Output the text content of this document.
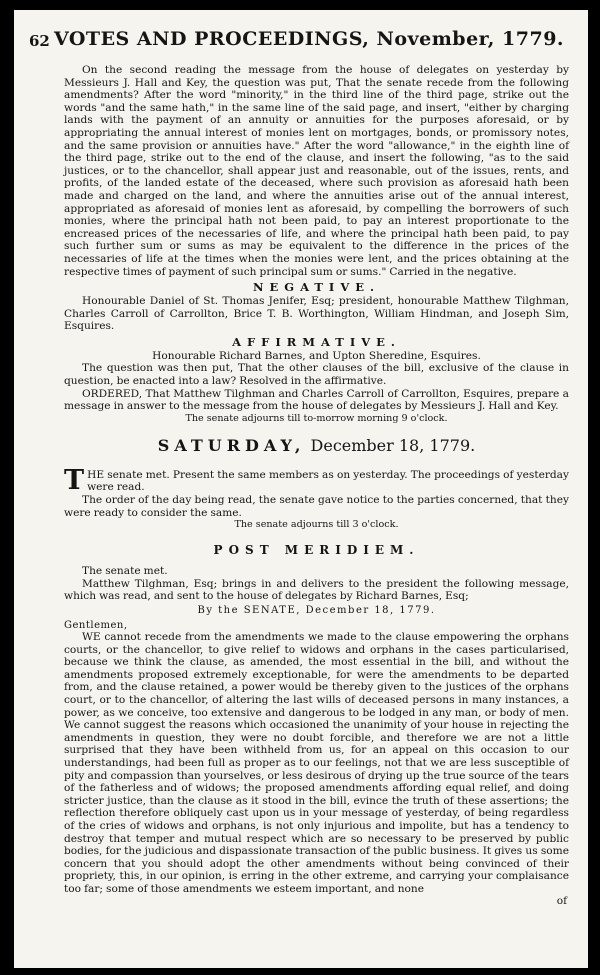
62 VOTES AND PROCEEDINGS, November, 1779.

On the second reading the message from the house of delegates on yesterday by Messieurs J. Hall and Key, the question was put, That the senate recede from the following amendments? After the word "minority," in the third line of the third page, strike out the words "and the same hath," in the same line of the said page, and insert, "either by charging lands with the payment of an annuity or annuities for the purposes aforesaid, or by appropriating the annual interest of monies lent on mortgages, bonds, or promissory notes, and the same provision or annuities have." After the word "allowance," in the eighth line of the third page, strike out to the end of the clause, and insert the following, "as to the said justices, or to the chancellor, shall appear just and reasonable, out of the issues, rents, and profits, of the landed estate of the deceased, where such provision as aforesaid hath been made and charged on the land, and where the annuities arise out of the annual interest, appropriated as aforesaid of monies lent as aforesaid, by compelling the borrowers of such monies, where the principal hath not been paid, to pay an interest proportionate to the encreased prices of the necessaries of life, and where the principal hath been paid, to pay such further sum or sums as may be equivalent to the difference in the prices of the necessaries of life at the times when the monies were lent, and the prices obtaining at the respective times of payment of such principal sum or sums." Carried in the negative.

NEGATIVE.

Honourable Daniel of St. Thomas Jenifer, Esq; president, honourable Matthew Tilghman, Charles Carroll of Carrollton, Brice T. B. Worthington, William Hindman, and Joseph Sim, Esquires.

AFFIRMATIVE.

Honourable Richard Barnes, and Upton Sheredine, Esquires.

The question was then put, That the other clauses of the bill, exclusive of the clause in question, be enacted into a law? Resolved in the affirmative.

ORDERED, That Matthew Tilghman and Charles Carroll of Carrollton, Esquires, prepare a message in answer to the message from the house of delegates by Messieurs J. Hall and Key.

The senate adjourns till to-morrow morning 9 o'clock.

SATURDAY, December 18, 1779.

T HE senate met. Present the same members as on yesterday. The proceedings of yesterday were read.

The order of the day being read, the senate gave notice to the parties concerned, that they were ready to consider the same.

The senate adjourns till 3 o'clock.

POST MERIDIEM.

The senate met.

Matthew Tilghman, Esq; brings in and delivers to the president the following message, which was read, and sent to the house of delegates by Richard Barnes, Esq;

By the SENATE, December 18, 1779.

Gentlemen,

WE cannot recede from the amendments we made to the clause empowering the orphans courts, or the chancellor, to give relief to widows and orphans in the cases particularised, because we think the clause, as amended, the most essential in the bill, and without the amendments proposed extremely exceptionable, for were the amendments to be departed from, and the clause retained, a power would be thereby given to the justices of the orphans court, or to the chancellor, of altering the last wills of deceased persons in many instances, a power, as we conceive, too extensive and dangerous to be lodged in any man, or body of men. We cannot suggest the reasons which occasioned the unanimity of your house in rejecting the amendments in question, they were no doubt forcible, and therefore we are not a little surprised that they have been withheld from us, for an appeal on this occasion to our understandings, had been full as proper as to our feelings, not that we are less susceptible of pity and compassion than yourselves, or less desirous of drying up the true source of the tears of the fatherless and of widows; the proposed amendments affording equal relief, and doing stricter justice, than the clause as it stood in the bill, evince the truth of these assertions; the reflection therefore obliquely cast upon us in your message of yesterday, of being regardless of the cries of widows and orphans, is not only injurious and impolite, but has a tendency to destroy that temper and mutual respect which are so necessary to be preserved by public bodies, for the judicious and dispassionate transaction of the public business. It gives us some concern that you should adopt the other amendments without being convinced of their propriety, this, in our opinion, is erring in the other extreme, and carrying your complaisance too far; some of those amendments we esteem important, and none

of
